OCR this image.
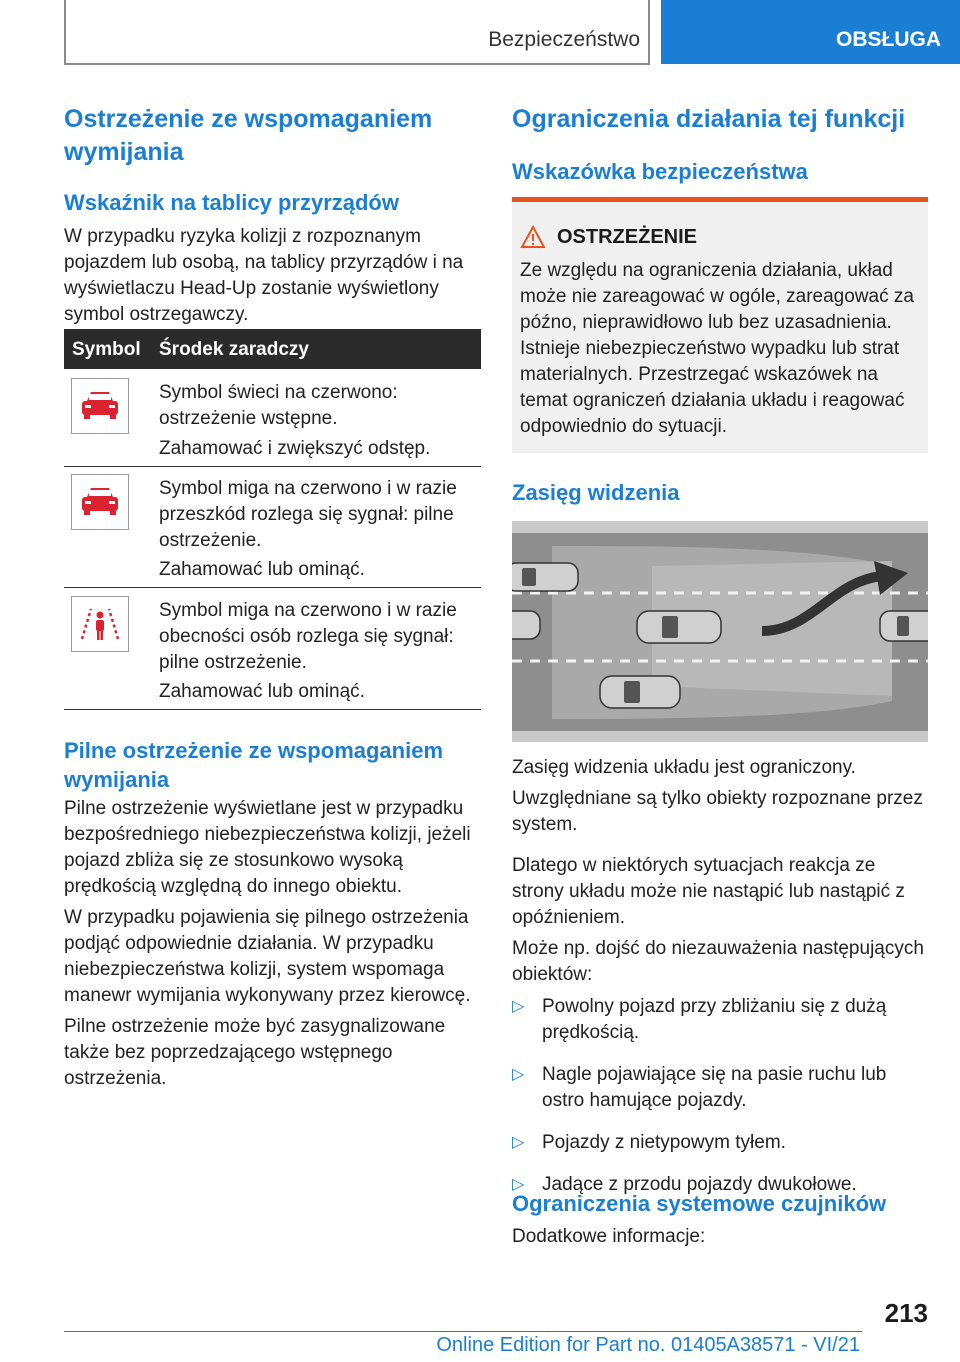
Bezpieczeństwo	OBSŁUGA
Ostrzeżenie ze wspomaganiem wymijania
Wskaźnik na tablicy przyrządów

W przypadku ryzyka kolizji z rozpoznanym pojazdem lub osobą, na tablicy przyrządów i na wyświetlaczu Head-Up zostanie wyświetlony symbol ostrzegawczy.

Symbol Środek zaradczy

Symbol świeci na czerwono: ostrzeżenie wstępne.

Zahamować i zwiększyć odstęp.

Symbol miga na czerwono i w razie przeszkód rozlega się sygnał: pilne ostrzeżenie.

Zahamować lub ominąć.

Symbol miga na czerwono i w razie obecności osób rozlega się sygnał: pilne ostrzeżenie.

Zahamować lub ominąć.

Pilne ostrzeżenie ze wspomaganiem wymijania

Pilne ostrzeżenie wyświetlane jest w przypadku bezpośredniego niebezpieczeństwa kolizji, jeżeli pojazd zbliża się ze stosunkowo wysoką prędkością względną do innego obiektu.

W przypadku pojawienia się pilnego ostrzeżenia podjąć odpowiednie działania. W przypadku niebezpieczeństwa kolizji, system wspomaga manewr wymijania wykonywany przez kierowcę.

Pilne ostrzeżenie może być zasygnalizowane także bez poprzedzającego wstępnego ostrzeżenia.

Ograniczenia działania tej funkcji
Wskazówka bezpieczeństwa
OSTRZEŻENIE

Ze względu na ograniczenia działania, układ może nie zareagować w ogóle, zareagować za późno, nieprawidłowo lub bez uzasadnienia. Istnieje niebezpieczeństwo wypadku lub strat materialnych. Przestrzegać wskazówek na temat ograniczeń działania układu i reagować odpowiednio do sytuacji.

Zasięg widzenia

Zasięg widzenia układu jest ograniczony.

Uwzględniane są tylko obiekty rozpoznane przez system.

Dlatego w niektórych sytuacjach reakcja ze strony układu może nie nastąpić lub nastąpić z opóźnieniem.

Może np. dojść do niezauważenia następujących obiektów:

▷ Powolny pojazd przy zbliżaniu się z dużą prędkością.
▷ Nagle pojawiające się na pasie ruchu lub ostro hamujące pojazdy.
▷ Pojazdy z nietypowym tyłem.
▷ Jadące z przodu pojazdy dwukołowe.
Ograniczenia systemowe czujników

Dodatkowe informacje:

213
Online Edition for Part no. 01405A38571 - VI/21
